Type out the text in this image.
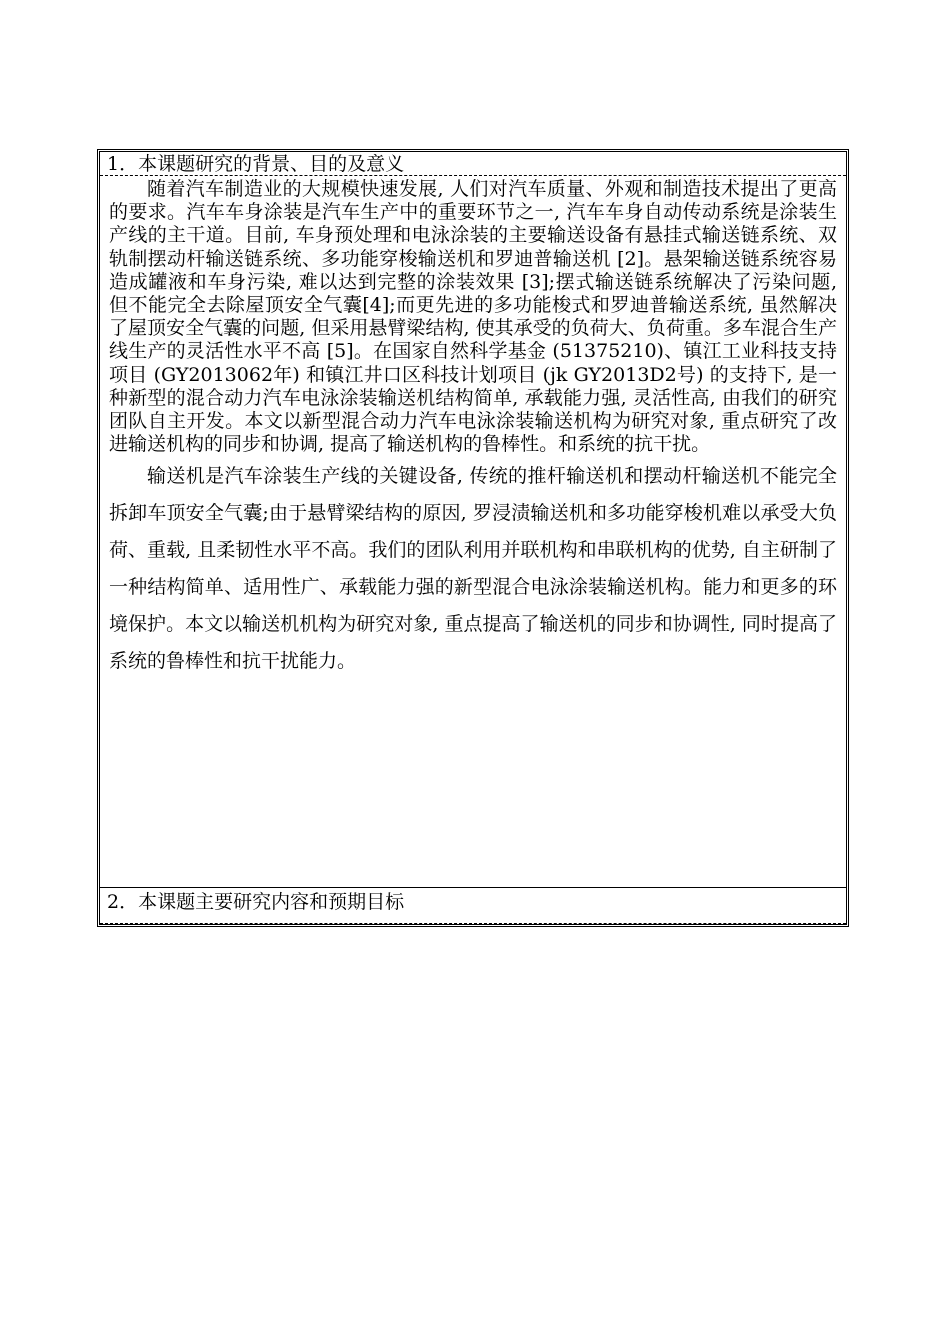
1．本课题研究的背景、目的及意义

随着汽车制造业的大规模快速发展, 人们对汽车质量、外观和制造技术提出了更高的要求。汽车车身涂装是汽车生产中的重要环节之一, 汽车车身自动传动系统是涂装生产线的主干道。目前, 车身预处理和电泳涂装的主要输送设备有悬挂式输送链系统、双轨制摆动杆输送链系统、多功能穿梭输送机和罗迪普输送机 [2]。悬架输送链系统容易造成罐液和车身污染, 难以达到完整的涂装效果 [3];摆式输送链系统解决了污染问题, 但不能完全去除屋顶安全气囊[4];而更先进的多功能梭式和罗迪普输送系统, 虽然解决了屋顶安全气囊的问题, 但采用悬臂梁结构, 使其承受的负荷大、负荷重。多车混合生产线生产的灵活性水平不高 [5]。在国家自然科学基金 (51375210)、镇江工业科技支持项目 (GY2013062年) 和镇江井口区科技计划项目 (jk GY2013D2号) 的支持下, 是一种新型的混合动力汽车电泳涂装输送机结构简单, 承载能力强, 灵活性高, 由我们的研究团队自主开发。本文以新型混合动力汽车电泳涂装输送机构为研究对象, 重点研究了改进输送机构的同步和协调, 提高了输送机构的鲁棒性。和系统的抗干扰。

输送机是汽车涂装生产线的关键设备, 传统的推杆输送机和摆动杆输送机不能完全拆卸车顶安全气囊;由于悬臂梁结构的原因, 罗浸渍输送机和多功能穿梭机难以承受大负荷、重载, 且柔韧性水平不高。我们的团队利用并联机构和串联机构的优势, 自主研制了一种结构简单、适用性广、承载能力强的新型混合电泳涂装输送机构。能力和更多的环境保护。本文以输送机机构为研究对象, 重点提高了输送机的同步和协调性, 同时提高了系统的鲁棒性和抗干扰能力。

2．本课题主要研究内容和预期目标
